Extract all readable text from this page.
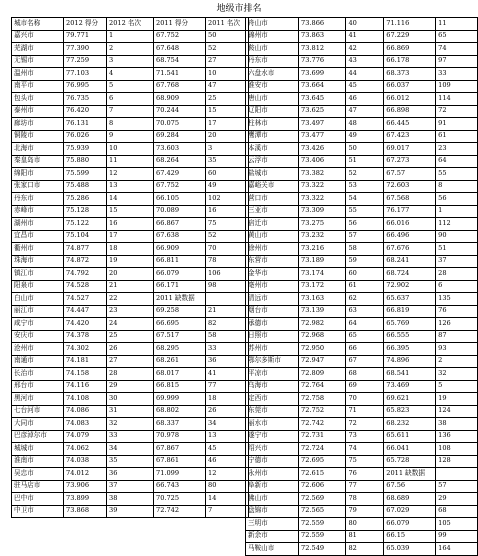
地级市排名
城市名称	2012 得分	2012 名次	2011 得分	2011 名次
嘉兴市	79.771	1	67.752	50
芜湖市	77.390	2	67.648	52
无锡市	77.259	3	68.754	27
温州市	77.103	4	71.541	10
南平市	76.995	5	67.768	47
包头市	76.735	6	68.909	25
泰州市	76.420	7	70.244	15
廊坊市	76.131	8	70.075	17
铜陵市	76.026	9	69.284	20
北海市	75.939	10	73.603	3
秦皇岛市	75.880	11	68.264	35
绵阳市	75.599	12	67.429	60
张家口市	75.488	13	67.752	49
丹东市	75.286	14	66.105	102
赤峰市	75.128	15	70.089	16
湖州市	75.122	16	66.867	75
宜昌市	75.104	17	67.638	52
衢州市	74.877	18	66.909	70
珠海市	74.872	19	66.811	78
镇江市	74.792	20	66.079	106
阳泉市	74.528	21	66.171	98
白山市	74.527	22	2011 缺数据	
丽江市	74.447	23	69.258	21
咸宁市	74.420	24	66.695	82
安庆市	74.378	25	67.517	58
沧州市	74.302	26	68.295	33
南通市	74.181	27	68.261	36
长治市	74.158	28	68.017	41
邢台市	74.116	29	66.815	77
黑河市	74.108	30	69.999	18
七台河市	74.086	31	68.802	26
大同市	74.083	32	68.337	34
巴彦淖尔市	74.079	33	70.978	13
城城市	74.062	34	67.867	45
淮南市	74.038	35	67.861	46
吴忠市	74.012	36	71.099	12
驻马店市	73.906	37	66.743	80
巴中市	73.899	38	70.725	14
中卫市	73.868	39	72.742	7
舟山市	73.866	40	71.116	11
锦州市	73.863	41	67.229	65
鞍山市	73.812	42	66.869	74
丹东市	73.776	43	66.178	97
六盘水市	73.699	44	68.373	33
淮安市	73.664	45	66.037	109
唐山市	73.645	46	66.012	114
辽阳市	73.625	47	66.898	72
柱林市	73.497	48	66.445	91
鹰潭市	73.477	49	67.423	61
本溪市	73.426	50	69.017	23
云浮市	73.406	51	67.273	64
盐城市	73.382	52	67.57	55
嘉峪关市	73.322	53	72.603	8
营口市	73.322	54	67.568	56
三亚市	73.309	55	76.177	1
宿迁市	73.275	56	66.016	112
黄山市	73.232	57	66.496	90
徐州市	73.216	58	67.676	51
东营市	73.189	59	68.241	37
金华市	73.174	60	68.724	28
亳州市	73.172	61	72.902	6
清远市	73.163	62	65.637	135
烟台市	73.139	63	66.819	76
承德市	72.982	64	65.769	126
日照市	72.968	65	66.555	87
苏州市	72.950	66	66.395	93
鄂尔多斯市	72.947	67	74.896	2
平凉市	72.809	68	68.541	32
乌海市	72.764	69	73.469	5
定西市	72.758	70	69.621	19
东莞市	72.752	71	65.823	124
丽水市	72.742	72	68.232	38
遂宁市	72.731	73	65.611	136
绍兴市	72.724	74	66.041	108
宁德市	72.695	75	65.728	128
永州市	72.615	76	2011 缺数据	
阜新市	72.606	77	67.56	57
佛山市	72.569	78	68.689	29
盘锦市	72.565	79	67.029	68
三明市	72.559	80	66.079	105
新余市	72.559	81	66.15	99
马鞍山市	72.549	82	65.039	164
